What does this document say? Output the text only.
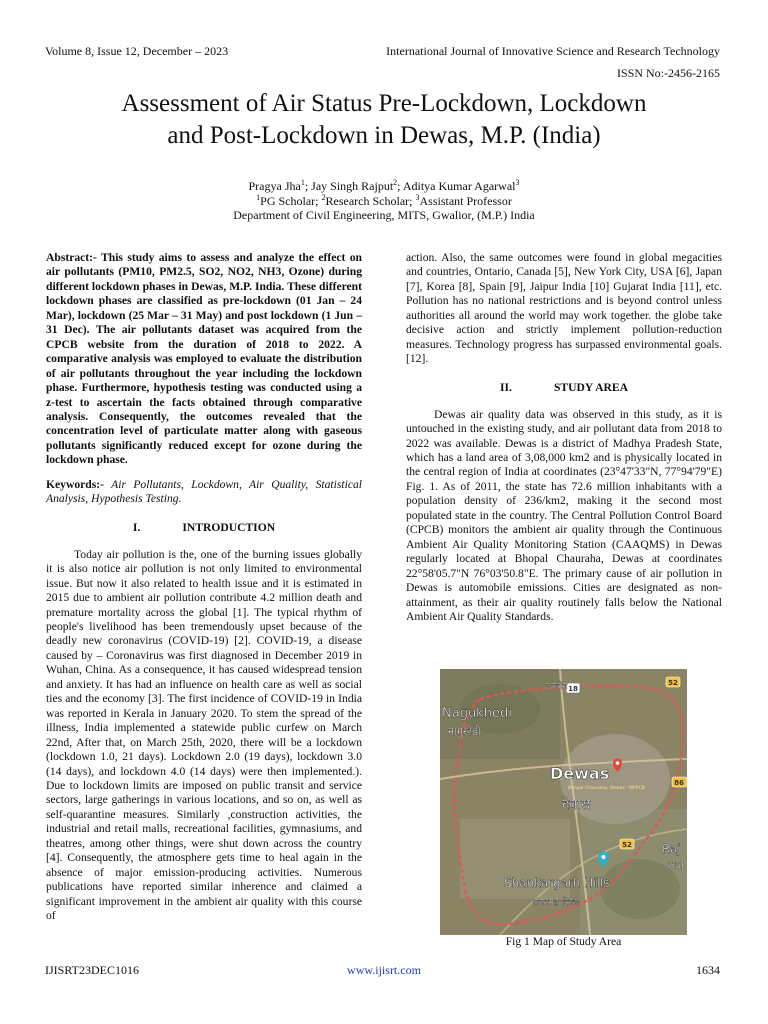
Volume 8, Issue 12, December – 2023	International Journal of Innovative Science and Research Technology
ISSN No:-2456-2165
Assessment of Air Status Pre-Lockdown, Lockdown
and Post-Lockdown in Dewas, M.P. (India)
Pragya Jha$^1$; Jay Singh Rajput$^2$; Aditya Kumar Agarwal$^3$
$^1$PG Scholar; $^2$Research Scholar; $^3$Assistant Professor
Department of Civil Engineering, MITS, Gwalior, (M.P.) India

Abstract:- This study aims to assess and analyze the effect on air pollutants (PM10, PM2.5, SO2, NO2, NH3, Ozone) during different lockdown phases in Dewas, M.P. India. These different lockdown phases are classified as pre-lockdown (01 Jan – 24 Mar), lockdown (25 Mar – 31 May) and post lockdown (1 Jun – 31 Dec). The air pollutants dataset was acquired from the CPCB website from the duration of 2018 to 2022. A comparative analysis was employed to evaluate the distribution of air pollutants throughout the year including the lockdown phase. Furthermore, hypothesis testing was conducted using a z-test to ascertain the facts obtained through comparative analysis. Consequently, the outcomes revealed that the concentration level of particulate matter along with gaseous pollutants significantly reduced except for ozone during the lockdown phase.

Keywords:- Air Pollutants, Lockdown, Air Quality, Statistical Analysis, Hypothesis Testing.

I.	INTRODUCTION

Today air pollution is the, one of the burning issues globally it is also notice air pollution is not only limited to environmental issue. But now it also related to health issue and it is estimated in 2015 due to ambient air pollution contribute 4.2 million death and premature mortality across the global [1]. The typical rhythm of people's livelihood has been tremendously upset because of the deadly new coronavirus (COVID-19) [2]. COVID-19, a disease caused by – Coronavirus was first diagnosed in December 2019 in Wuhan, China. As a consequence, it has caused widespread tension and anxiety. It has had an influence on health care as well as social ties and the economy [3]. The first incidence of COVID-19 in India was reported in Kerala in January 2020. To stem the spread of the illness, India implemented a statewide public curfew on March 22nd, After that, on March 25th, 2020, there will be a lockdown (lockdown 1.0, 21 days). Lockdown 2.0 (19 days), lockdown 3.0 (14 days), and lockdown 4.0 (14 days) were then implemented.). Due to lockdown limits are imposed on public transit and service sectors, large gatherings in various locations, and so on, as well as self-quarantine measures. Similarly ,construction activities, the industrial and retail malls, recreational facilities, gymnasiums, and theatres, among other things, were shut down across the country [4]. Consequently, the atmosphere gets time to heal again in the absence of major emission-producing activities. Numerous publications have reported similar inherence and claimed a significant improvement in the ambient air quality with this course of

action. Also, the same outcomes were found in global megacities and countries, Ontario, Canada [5], New York City, USA [6], Japan [7], Korea [8], Spain [9], Jaipur India [10] Gujarat India [11], etc. Pollution has no national restrictions and is beyond control unless authorities all around the world may work together. the globe take decisive action and strictly implement pollution-reduction measures. Technology progress has surpassed environmental goals. [12].

II.	STUDY AREA

Dewas air quality data was observed in this study, as it is untouched in the existing study, and air pollutant data from 2018 to 2022 was available. Dewas is a district of Madhya Pradesh State, which has a land area of 3,08,000 km2 and is physically located in the central region of India at coordinates (23°47'33"N, 77°94'79"E) Fig. 1. As of 2011, the state has 72.6 million inhabitants with a population density of 236/km2, making it the second most populated state in the country. The Central Pollution Control Board (CPCB) monitors the ambient air quality through the Continuous Ambient Air Quality Monitoring Station (CAAQMS) in Dewas regularly located at Bhopal Chauraha, Dewas at coordinates 22°58'05.7"N 76°03'50.8"E. The primary cause of air pollution in Dewas is automobile emissions. Cities are designated as non-attainment, as their air quality routinely falls below the National Ambient Air Quality Standards.

उज्जैन	52
18
86
52
Nagukhedi
नागुखेडी
Dewas
देवास
Bhopal Chauraha, Dewas - MPPCB
Shankargarh Hills
शंकरगढ़ हिल्स
Raj
राज
Fig 1 Map of Study Area
IJISRT23DEC1016	www.ijisrt.com	1634
